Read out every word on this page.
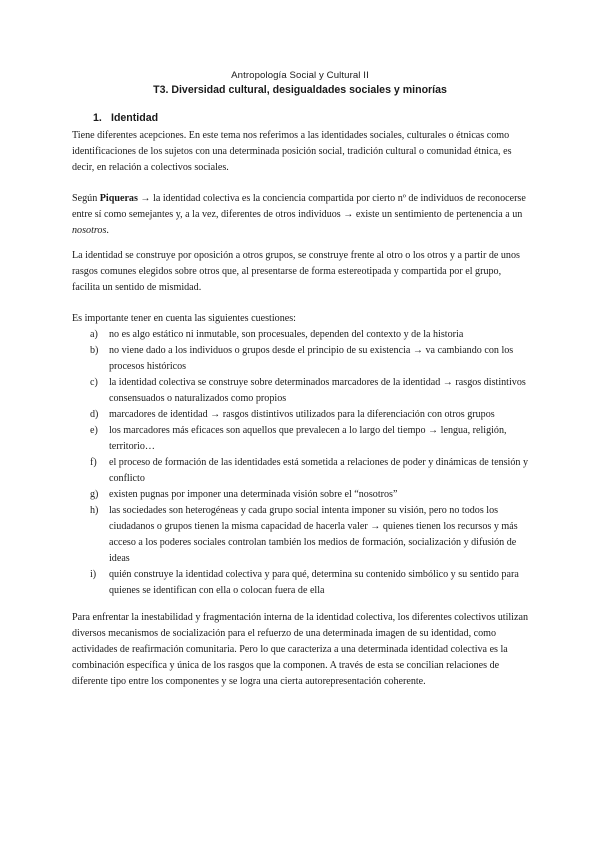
Antropología Social y Cultural II
T3. Diversidad cultural, desigualdades sociales y minorías
1. Identidad

Tiene diferentes acepciones. En este tema nos referimos a las identidades sociales, culturales o étnicas como identificaciones de los sujetos con una determinada posición social, tradición cultural o comunidad étnica, es decir, en relación a colectivos sociales.

Según Piqueras → la identidad colectiva es la conciencia compartida por cierto nº de individuos de reconocerse entre sí como semejantes y, a la vez, diferentes de otros individuos → existe un sentimiento de pertenencia a un nosotros.

La identidad se construye por oposición a otros grupos, se construye frente al otro o los otros y a partir de unos rasgos comunes elegidos sobre otros que, al presentarse de forma estereotipada y compartida por el grupo, facilita un sentido de mismidad.

Es importante tener en cuenta las siguientes cuestiones:

a) no es algo estático ni inmutable, son procesuales, dependen del contexto y de la historia
b) no viene dado a los individuos o grupos desde el principio de su existencia → va cambiando con los procesos históricos
c) la identidad colectiva se construye sobre determinados marcadores de la identidad → rasgos distintivos consensuados o naturalizados como propios
d) marcadores de identidad → rasgos distintivos utilizados para la diferenciación con otros grupos
e) los marcadores más eficaces son aquellos que prevalecen a lo largo del tiempo → lengua, religión, territorio…
f) el proceso de formación de las identidades está sometida a relaciones de poder y dinámicas de tensión y conflicto
g) existen pugnas por imponer una determinada visión sobre el “nosotros”
h) las sociedades son heterogéneas y cada grupo social intenta imponer su visión, pero no todos los ciudadanos o grupos tienen la misma capacidad de hacerla valer → quienes tienen los recursos y más acceso a los poderes sociales controlan también los medios de formación, socialización y difusión de ideas
i) quién construye la identidad colectiva y para qué, determina su contenido simbólico y su sentido para quienes se identifican con ella o colocan fuera de ella

Para enfrentar la inestabilidad y fragmentación interna de la identidad colectiva, los diferentes colectivos utilizan diversos mecanismos de socialización para el refuerzo de una determinada imagen de su identidad, como actividades de reafirmación comunitaria. Pero lo que caracteriza a una determinada identidad colectiva es la combinación específica y única de los rasgos que la componen. A través de esta se concilian relaciones de diferente tipo entre los componentes y se logra una cierta autorepresentación coherente.
